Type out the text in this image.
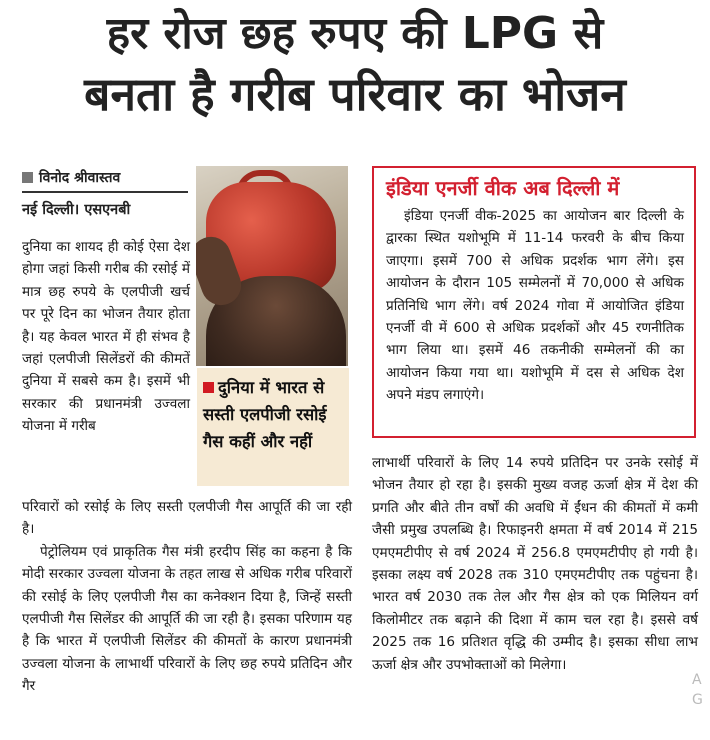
हर रोज छह रुपए की LPG से
बनता है गरीब परिवार का भोजन
विनोद श्रीवास्तव
नई दिल्ली। एसएनबी
दुनिया में भारत से सस्ती एलपीजी रसोई गैस कहीं और नहीं

दुनिया का शायद ही कोई ऐसा देश होगा जहां किसी गरीब की रसोई में मात्र छह रुपये के एलपीजी खर्च पर पूरे दिन का भोजन तैयार होता है। यह केवल भारत में ही संभव है जहां एलपीजी सिलेंडरों की कीमतें दुनिया में सबसे कम है। इसमें भी सरकार की प्रधानमंत्री उज्वला योजना में गरीब

परिवारों को रसोई के लिए सस्ती एलपीजी गैस आपूर्ति की जा रही है।

पेट्रोलियम एवं प्राकृतिक गैस मंत्री हरदीप सिंह का कहना है कि मोदी सरकार उज्वला योजना के तहत लाख से अधिक गरीब परिवारों की रसोई के लिए एलपीजी गैस का कनेक्शन दिया है, जिन्हें सस्ती एलपीजी गैस सिलेंडर की आपूर्ति की जा रही है। इसका परिणाम यह है कि भारत में एलपीजी सिलेंडर की कीमतों के कारण प्रधानमंत्री उज्वला योजना के लाभार्थी परिवारों के लिए छह रुपये प्रतिदिन और गैर

इंडिया एनर्जी वीक अब दिल्ली में
इंडिया एनर्जी वीक-2025 का आयोजन बार दिल्ली के द्वारका स्थित यशोभूमि में 11-14 फरवरी के बीच किया जाएगा। इसमें 700 से अधिक प्रदर्शक भाग लेंगे। इस आयोजन के दौरान 105 सम्मेलनों में 70,000 से अधिक प्रतिनिधि भाग लेंगे। वर्ष 2024 गोवा में आयोजित इंडिया एनर्जी वी में 600 से अधिक प्रदर्शकों और 45 रणनीतिक भाग लिया था। इसमें 46 तकनीकी सम्मेलनों की का आयोजन किया गया था। यशोभूमि में दस से अधिक देश अपने मंडप लगाएंगे।

लाभार्थी परिवारों के लिए 14 रुपये प्रतिदिन पर उनके रसोई में भोजन तैयार हो रहा है। इसकी मुख्य वजह ऊर्जा क्षेत्र में देश की प्रगति और बीते तीन वर्षों की अवधि में ईंधन की कीमतों में कमी जैसी प्रमुख उपलब्धि है। रिफाइनरी क्षमता में वर्ष 2014 में 215 एमएमटीपीए से वर्ष 2024 में 256.8 एमएमटीपीए हो गयी है। इसका लक्ष्य वर्ष 2028 तक 310 एमएमटीपीए तक पहुंचना है। भारत वर्ष 2030 तक तेल और गैस क्षेत्र को एक मिलियन वर्ग किलोमीटर तक बढ़ाने की दिशा में काम चल रहा है। इससे वर्ष 2025 तक 16 प्रतिशत वृद्धि की उम्मीद है। इसका सीधा लाभ ऊर्जा क्षेत्र और उपभोक्ताओं को मिलेगा।

A G
